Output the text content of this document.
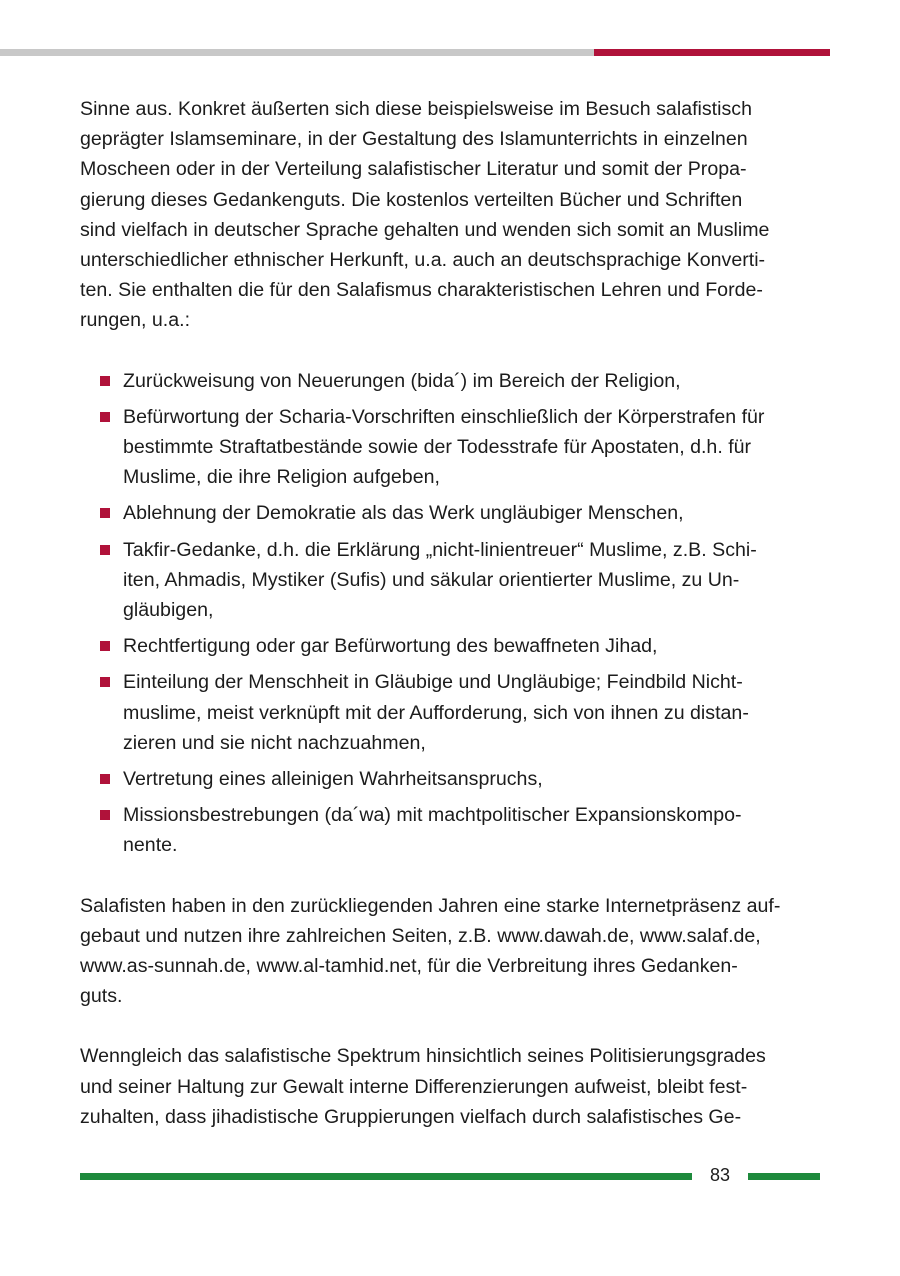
Sinne aus. Konkret äußerten sich diese beispielsweise im Besuch salafistisch
geprägter Islamseminare, in der Gestaltung des Islamunterrichts in einzelnen
Moscheen oder in der Verteilung salafistischer Literatur und somit der Propa-
gierung dieses Gedankenguts. Die kostenlos verteilten Bücher und Schriften
sind vielfach in deutscher Sprache gehalten und wenden sich somit an Muslime
unterschiedlicher ethnischer Herkunft, u.a. auch an deutschsprachige Konverti-
ten. Sie enthalten die für den Salafismus charakteristischen Lehren und Forde-
rungen, u.a.:

Zurückweisung von Neuerungen (bida´) im Bereich der Religion,
Befürwortung der Scharia-Vorschriften einschließlich der Körperstrafen für
bestimmte Straftatbestände sowie der Todesstrafe für Apostaten, d.h. für
Muslime, die ihre Religion aufgeben,
Ablehnung der Demokratie als das Werk ungläubiger Menschen,
Takfir-Gedanke, d.h. die Erklärung „nicht-linientreuer“ Muslime, z.B. Schi-
iten, Ahmadis, Mystiker (Sufis) und säkular orientierter Muslime, zu Un-
gläubigen,
Rechtfertigung oder gar Befürwortung des bewaffneten Jihad,
Einteilung der Menschheit in Gläubige und Ungläubige; Feindbild Nicht-
muslime, meist verknüpft mit der Aufforderung, sich von ihnen zu distan-
zieren und sie nicht nachzuahmen,
Vertretung eines alleinigen Wahrheitsanspruchs,
Missionsbestrebungen (da´wa) mit machtpolitischer Expansionskompo-
nente.

Salafisten haben in den zurückliegenden Jahren eine starke Internetpräsenz auf-
gebaut und nutzen ihre zahlreichen Seiten, z.B. www.dawah.de, www.salaf.de,
www.as-sunnah.de, www.al-tamhid.net, für die Verbreitung ihres Gedanken-
guts.

Wenngleich das salafistische Spektrum hinsichtlich seines Politisierungsgrades
und seiner Haltung zur Gewalt interne Differenzierungen aufweist, bleibt fest-
zuhalten, dass jihadistische Gruppierungen vielfach durch salafistisches Ge-

83
